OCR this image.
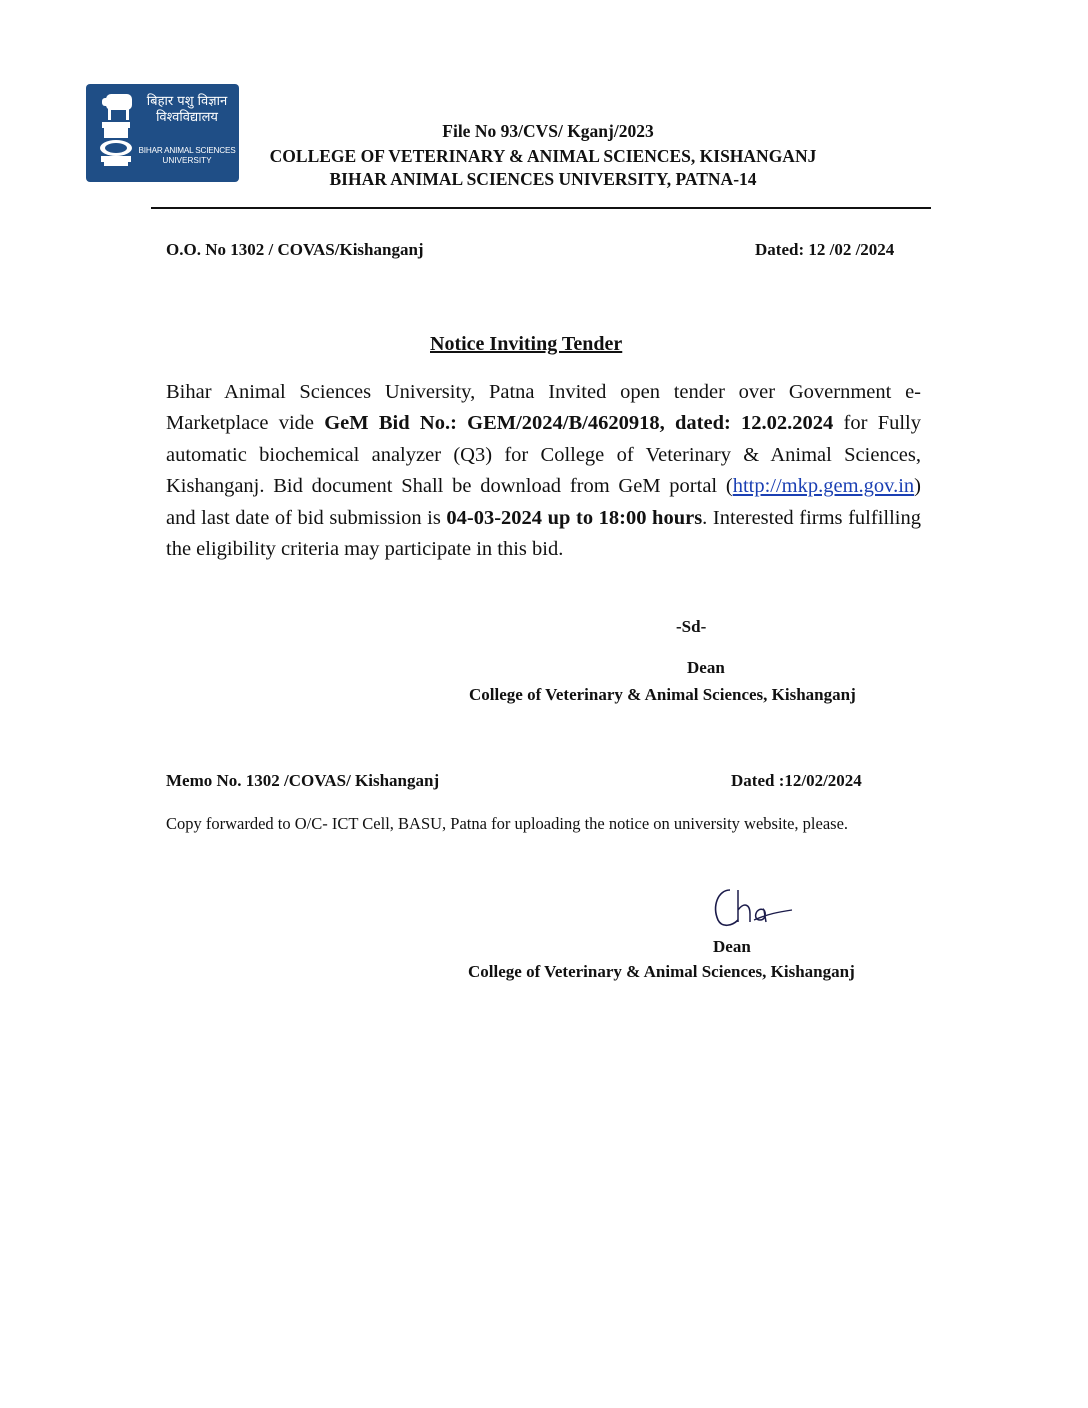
बिहार पशु विज्ञान
विश्वविद्यालय
BIHAR ANIMAL SCIENCES
UNIVERSITY
File No 93/CVS/ Kganj/2023
COLLEGE OF VETERINARY & ANIMAL SCIENCES, KISHANGANJ
BIHAR ANIMAL SCIENCES UNIVERSITY, PATNA-14
O.O. No 1302 / COVAS/Kishanganj	Dated: 12 /02 /2024
Notice Inviting Tender
Bihar Animal Sciences University, Patna Invited open tender over Government e-Marketplace vide GeM Bid No.: GEM/2024/B/4620918, dated: 12.02.2024 for Fully automatic biochemical analyzer (Q3) for College of Veterinary & Animal Sciences, Kishanganj. Bid document Shall be download from GeM portal (http://mkp.gem.gov.in) and last date of bid submission is 04-03-2024 up to 18:00 hours. Interested firms fulfilling the eligibility criteria may participate in this bid.
-Sd-
Dean
College of Veterinary & Animal Sciences, Kishanganj
Memo No. 1302 /COVAS/ Kishanganj	Dated :12/02/2024
Copy forwarded to O/C- ICT Cell, BASU, Patna for uploading the notice on university website, please.
Dean
College of Veterinary & Animal Sciences, Kishanganj
